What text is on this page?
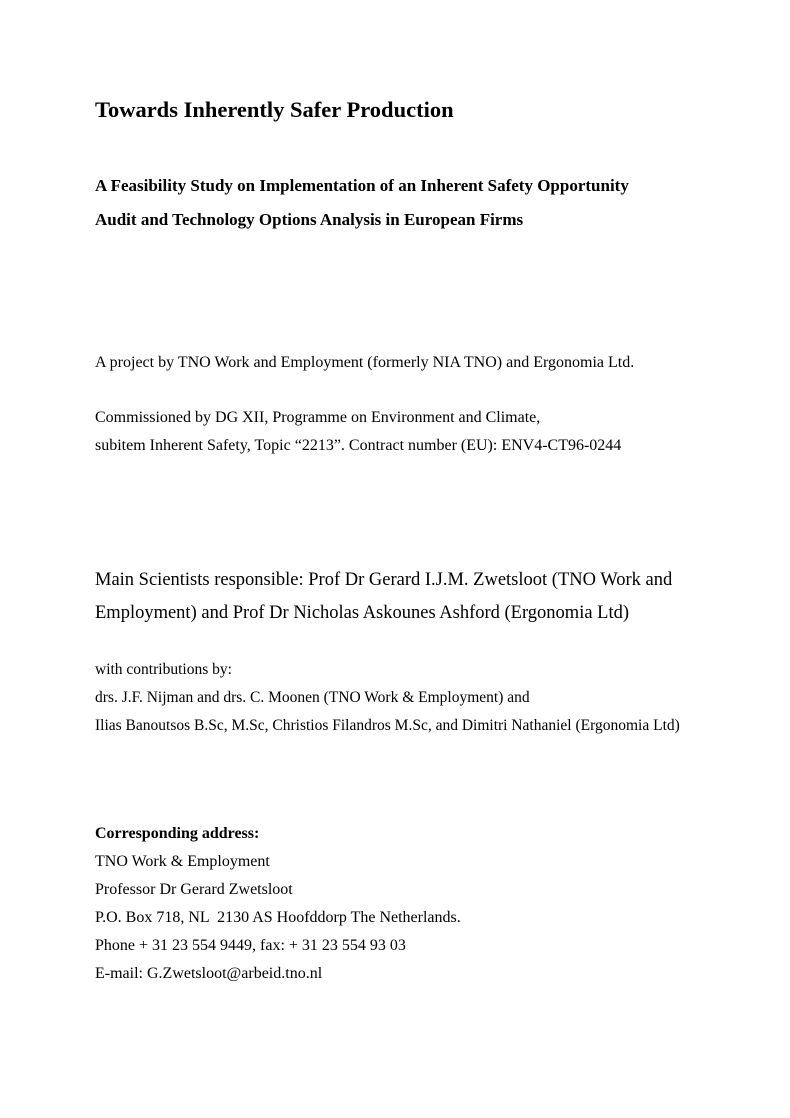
Towards Inherently Safer Production
A Feasibility Study on Implementation of an Inherent Safety Opportunity
Audit and Technology Options Analysis in European Firms
A project by TNO Work and Employment (formerly NIA TNO) and Ergonomia Ltd.
Commissioned by DG XII, Programme on Environment and Climate,
subitem Inherent Safety, Topic “2213”. Contract number (EU): ENV4-CT96-0244
Main Scientists responsible: Prof Dr Gerard I.J.M. Zwetsloot (TNO Work and
Employment) and Prof Dr Nicholas Askounes Ashford (Ergonomia Ltd)
with contributions by:
drs. J.F. Nijman and drs. C. Moonen (TNO Work & Employment) and
Ilias Banoutsos B.Sc, M.Sc, Christios Filandros M.Sc, and Dimitri Nathaniel (Ergonomia Ltd)
Corresponding address:
TNO Work & Employment
Professor Dr Gerard Zwetsloot
P.O. Box 718, NL  2130 AS Hoofddorp The Netherlands.
Phone + 31 23 554 9449, fax: + 31 23 554 93 03
E-mail: G.Zwetsloot@arbeid.tno.nl
